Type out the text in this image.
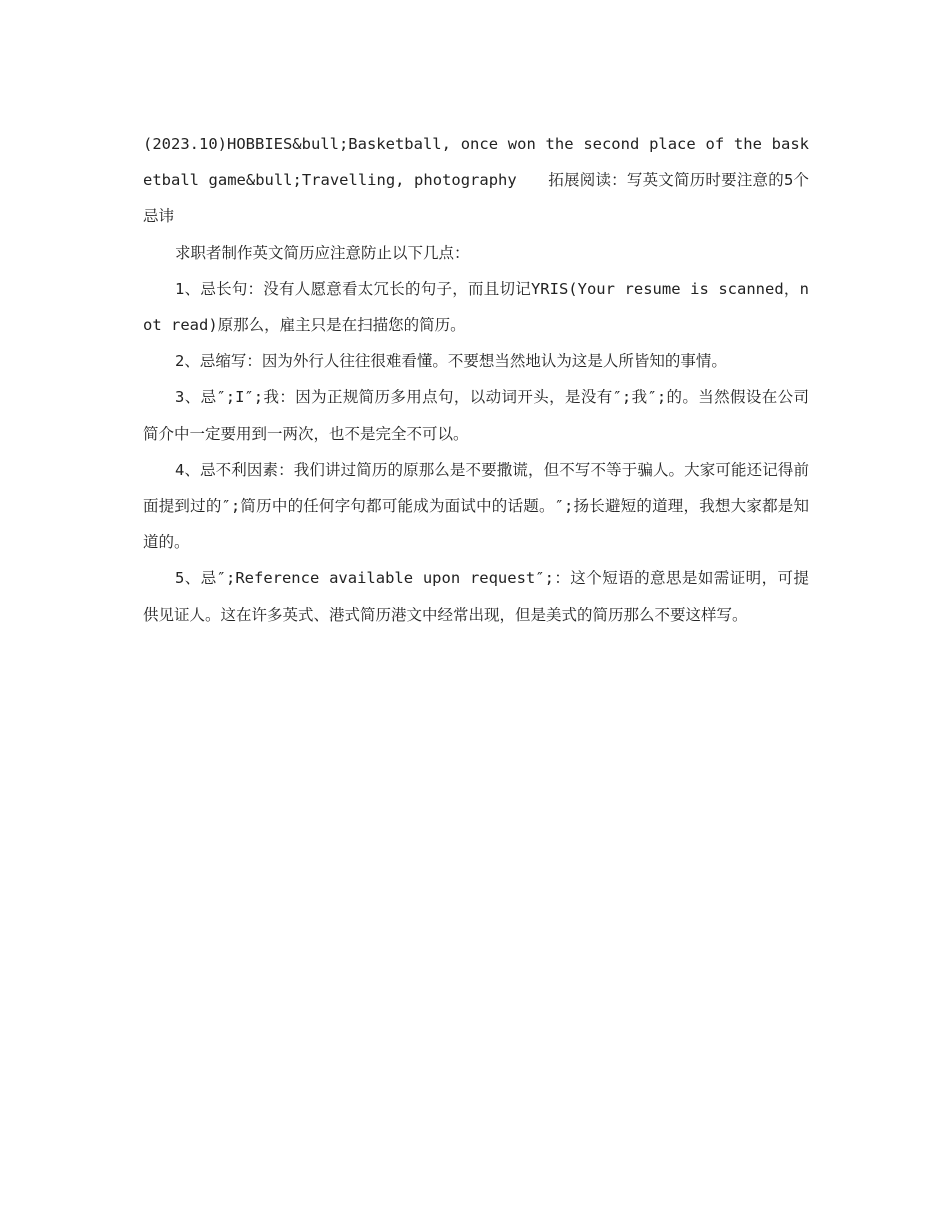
(2023.10)HOBBIES&bull;Basketball, once won the second place of the basketball game&bull;Travelling, photography　　拓展阅读：写英文简历时要注意的5个忌讳

求职者制作英文简历应注意防止以下几点：

1、忌长句：没有人愿意看太冗长的句子，而且切记YRIS(Your resume is scanned，not read)原那么，雇主只是在扫描您的简历。

2、忌缩写：因为外行人往往很难看懂。不要想当然地认为这是人所皆知的事情。

3、忌″;I″;我：因为正规简历多用点句，以动词开头，是没有″;我″;的。当然假设在公司简介中一定要用到一两次，也不是完全不可以。

4、忌不利因素：我们讲过简历的原那么是不要撒谎，但不写不等于骗人。大家可能还记得前面提到过的″;简历中的任何字句都可能成为面试中的话题。″;扬长避短的道理，我想大家都是知道的。

5、忌″;Reference available upon request″;：这个短语的意思是如需证明，可提供见证人。这在许多英式、港式简历港文中经常出现，但是美式的简历那么不要这样写。
